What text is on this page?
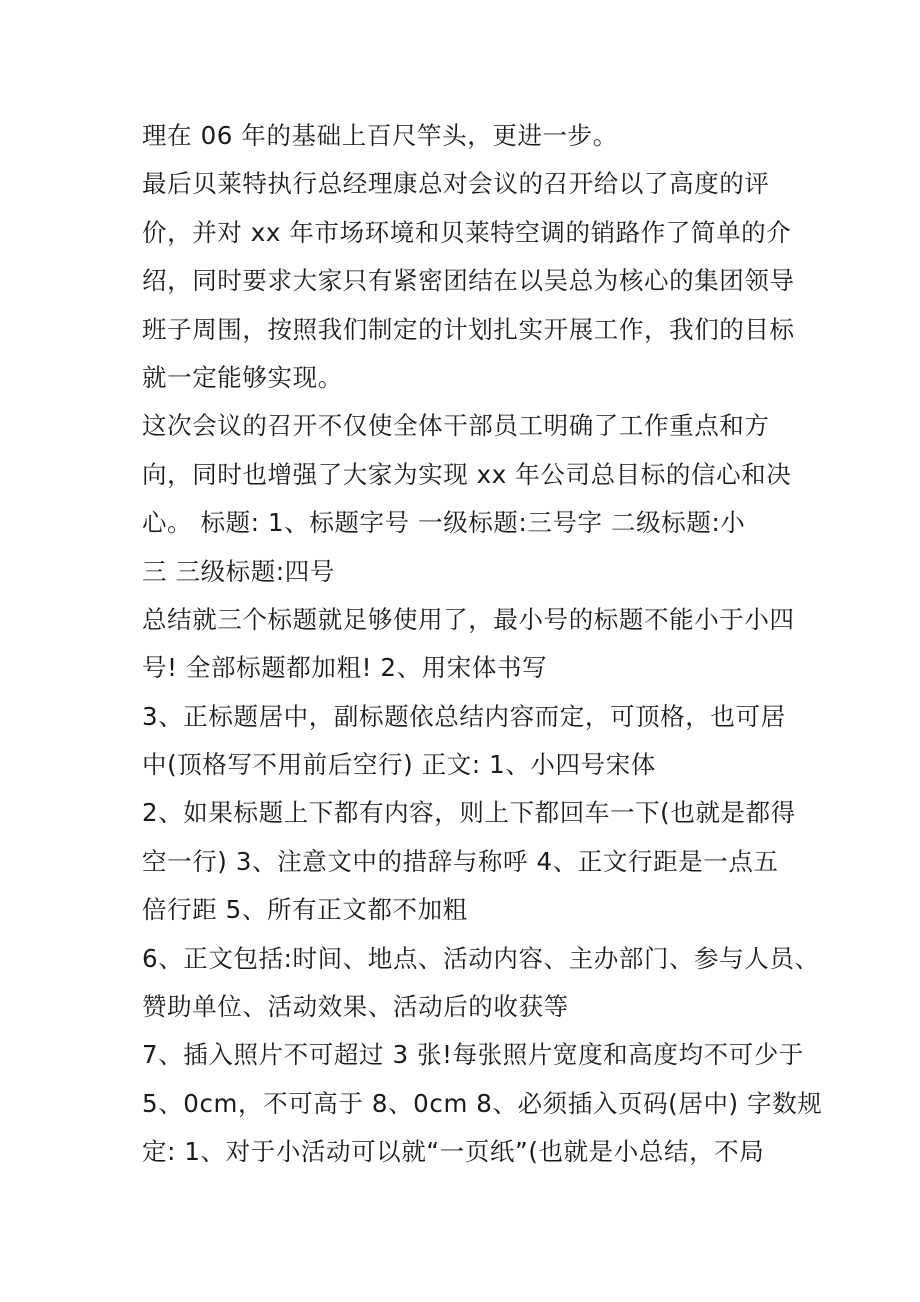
理在 06 年的基础上百尺竿头，更进一步。
最后贝莱特执行总经理康总对会议的召开给以了高度的评
价，并对 xx 年市场环境和贝莱特空调的销路作了简单的介
绍，同时要求大家只有紧密团结在以吴总为核心的集团领导
班子周围，按照我们制定的计划扎实开展工作，我们的目标
就一定能够实现。
这次会议的召开不仅使全体干部员工明确了工作重点和方
向，同时也增强了大家为实现 xx 年公司总目标的信心和决
心。 标题: 1、标题字号 一级标题:三号字 二级标题:小
三 三级标题:四号
总结就三个标题就足够使用了，最小号的标题不能小于小四
号! 全部标题都加粗! 2、用宋体书写
3、正标题居中，副标题依总结内容而定，可顶格，也可居
中(顶格写不用前后空行) 正文: 1、小四号宋体
2、如果标题上下都有内容，则上下都回车一下(也就是都得
空一行) 3、注意文中的措辞与称呼 4、正文行距是一点五
倍行距 5、所有正文都不加粗
6、正文包括:时间、地点、活动内容、主办部门、参与人员、
赞助单位、活动效果、活动后的收获等
7、插入照片不可超过 3 张!每张照片宽度和高度均不可少于
5、0cm，不可高于 8、0cm 8、必须插入页码(居中) 字数规
定: 1、对于小活动可以就“一页纸”(也就是小总结，不局
